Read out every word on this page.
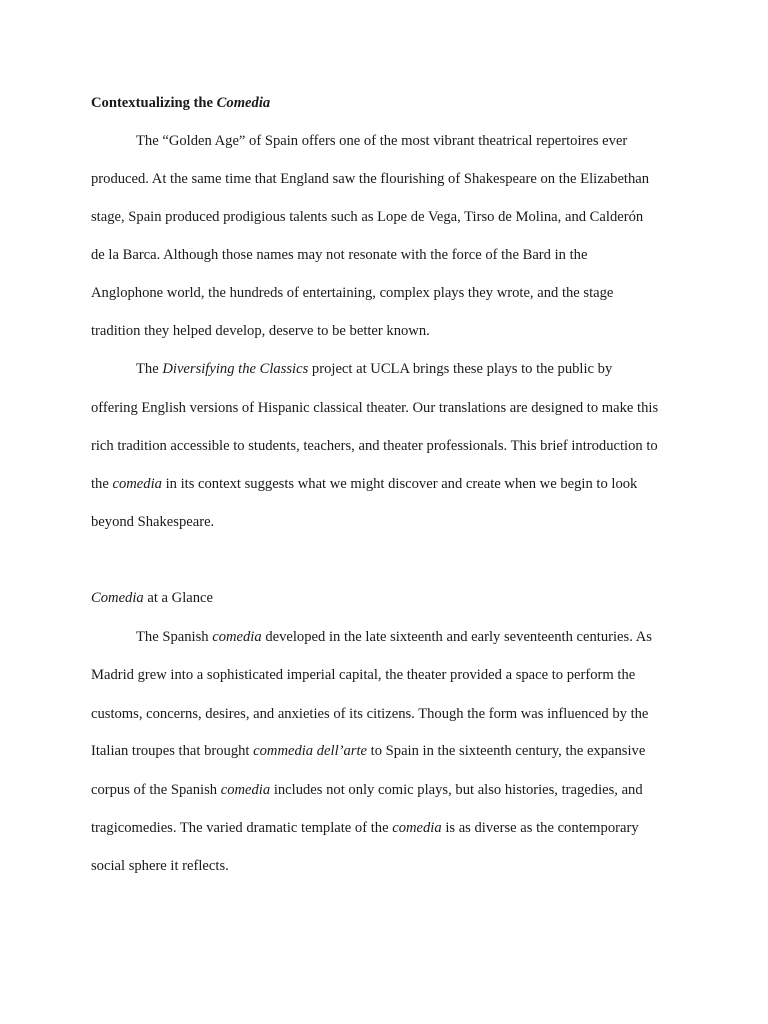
Contextualizing the Comedia
The “Golden Age” of Spain offers one of the most vibrant theatrical repertoires ever
produced. At the same time that England saw the flourishing of Shakespeare on the Elizabethan
stage, Spain produced prodigious talents such as Lope de Vega, Tirso de Molina, and Calderón
de la Barca. Although those names may not resonate with the force of the Bard in the
Anglophone world, the hundreds of entertaining, complex plays they wrote, and the stage
tradition they helped develop, deserve to be better known.
The Diversifying the Classics project at UCLA brings these plays to the public by
offering English versions of Hispanic classical theater. Our translations are designed to make this
rich tradition accessible to students, teachers, and theater professionals. This brief introduction to
the comedia in its context suggests what we might discover and create when we begin to look
beyond Shakespeare.
Comedia at a Glance
The Spanish comedia developed in the late sixteenth and early seventeenth centuries. As
Madrid grew into a sophisticated imperial capital, the theater provided a space to perform the
customs, concerns, desires, and anxieties of its citizens. Though the form was influenced by the
Italian troupes that brought commedia dell’arte to Spain in the sixteenth century, the expansive
corpus of the Spanish comedia includes not only comic plays, but also histories, tragedies, and
tragicomedies. The varied dramatic template of the comedia is as diverse as the contemporary
social sphere it reflects.
